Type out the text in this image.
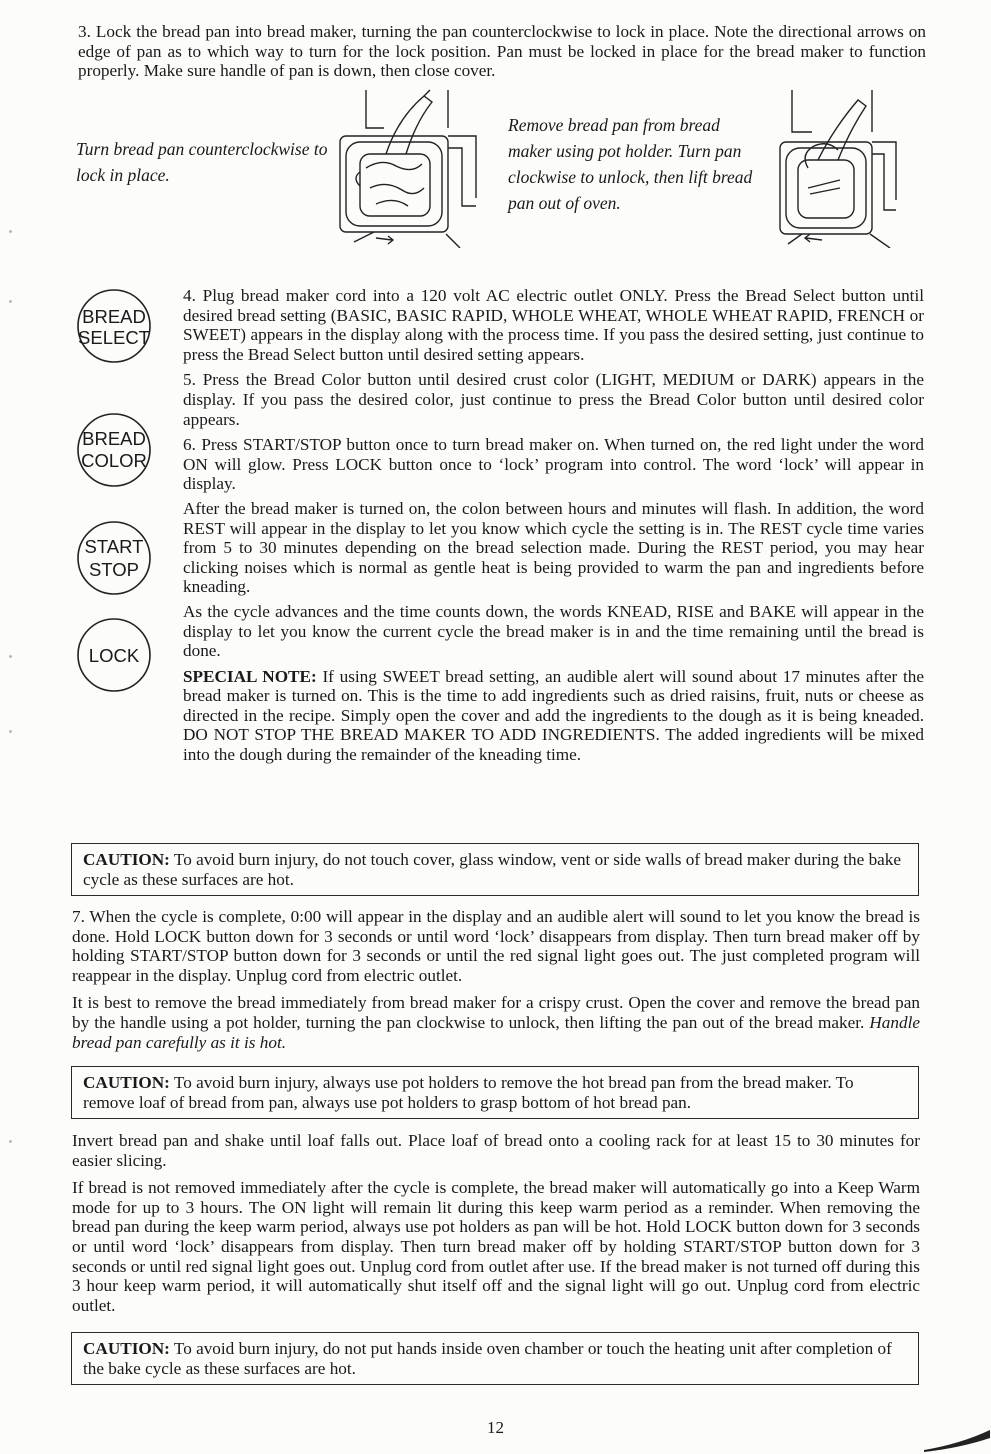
3. Lock the bread pan into bread maker, turning the pan counterclockwise to lock in place. Note the directional arrows on edge of pan as to which way to turn for the lock position. Pan must be locked in place for the bread maker to function properly. Make sure handle of pan is down, then close cover.

Turn bread pan counterclockwise to lock in place.
Remove bread pan from bread maker using pot holder. Turn pan clockwise to unlock, then lift bread pan out of oven.
BREAD
SELECT
BREAD
COLOR
START
STOP
LOCK

4. Plug bread maker cord into a 120 volt AC electric outlet ONLY. Press the Bread Select button until desired bread setting (BASIC, BASIC RAPID, WHOLE WHEAT, WHOLE WHEAT RAPID, FRENCH or SWEET) appears in the display along with the process time. If you pass the desired setting, just continue to press the Bread Select button until desired setting appears.

5. Press the Bread Color button until desired crust color (LIGHT, MEDIUM or DARK) appears in the display. If you pass the desired color, just continue to press the Bread Color button until desired color appears.

6. Press START/STOP button once to turn bread maker on. When turned on, the red light under the word ON will glow. Press LOCK button once to ‘lock’ program into control. The word ‘lock’ will appear in display.

After the bread maker is turned on, the colon between hours and minutes will flash. In addition, the word REST will appear in the display to let you know which cycle the setting is in. The REST cycle time varies from 5 to 30 minutes depending on the bread selection made. During the REST period, you may hear clicking noises which is normal as gentle heat is being provided to warm the pan and ingredients before kneading.

As the cycle advances and the time counts down, the words KNEAD, RISE and BAKE will appear in the display to let you know the current cycle the bread maker is in and the time remaining until the bread is done.

SPECIAL NOTE: If using SWEET bread setting, an audible alert will sound about 17 minutes after the bread maker is turned on. This is the time to add ingredients such as dried raisins, fruit, nuts or cheese as directed in the recipe. Simply open the cover and add the ingredients to the dough as it is being kneaded. DO NOT STOP THE BREAD MAKER TO ADD INGREDIENTS. The added ingredients will be mixed into the dough during the remainder of the kneading time.

CAUTION: To avoid burn injury, do not touch cover, glass window, vent or side walls of bread maker during the bake cycle as these surfaces are hot.

7. When the cycle is complete, 0:00 will appear in the display and an audible alert will sound to let you know the bread is done. Hold LOCK button down for 3 seconds or until word ‘lock’ disappears from display. Then turn bread maker off by holding START/STOP button down for 3 seconds or until the red signal light goes out. The just completed program will reappear in the display. Unplug cord from electric outlet.

It is best to remove the bread immediately from bread maker for a crispy crust. Open the cover and remove the bread pan by the handle using a pot holder, turning the pan clockwise to unlock, then lifting the pan out of the bread maker. Handle bread pan carefully as it is hot.

CAUTION: To avoid burn injury, always use pot holders to remove the hot bread pan from the bread maker. To remove loaf of bread from pan, always use pot holders to grasp bottom of hot bread pan.

Invert bread pan and shake until loaf falls out. Place loaf of bread onto a cooling rack for at least 15 to 30 minutes for easier slicing.

If bread is not removed immediately after the cycle is complete, the bread maker will automatically go into a Keep Warm mode for up to 3 hours. The ON light will remain lit during this keep warm period as a reminder. When removing the bread pan during the keep warm period, always use pot holders as pan will be hot. Hold LOCK button down for 3 seconds or until word ‘lock’ disappears from display. Then turn bread maker off by holding START/STOP button down for 3 seconds or until red signal light goes out. Unplug cord from outlet after use. If the bread maker is not turned off during this 3 hour keep warm period, it will automatically shut itself off and the signal light will go out. Unplug cord from electric outlet.

CAUTION: To avoid burn injury, do not put hands inside oven chamber or touch the heating unit after completion of the bake cycle as these surfaces are hot.

12
